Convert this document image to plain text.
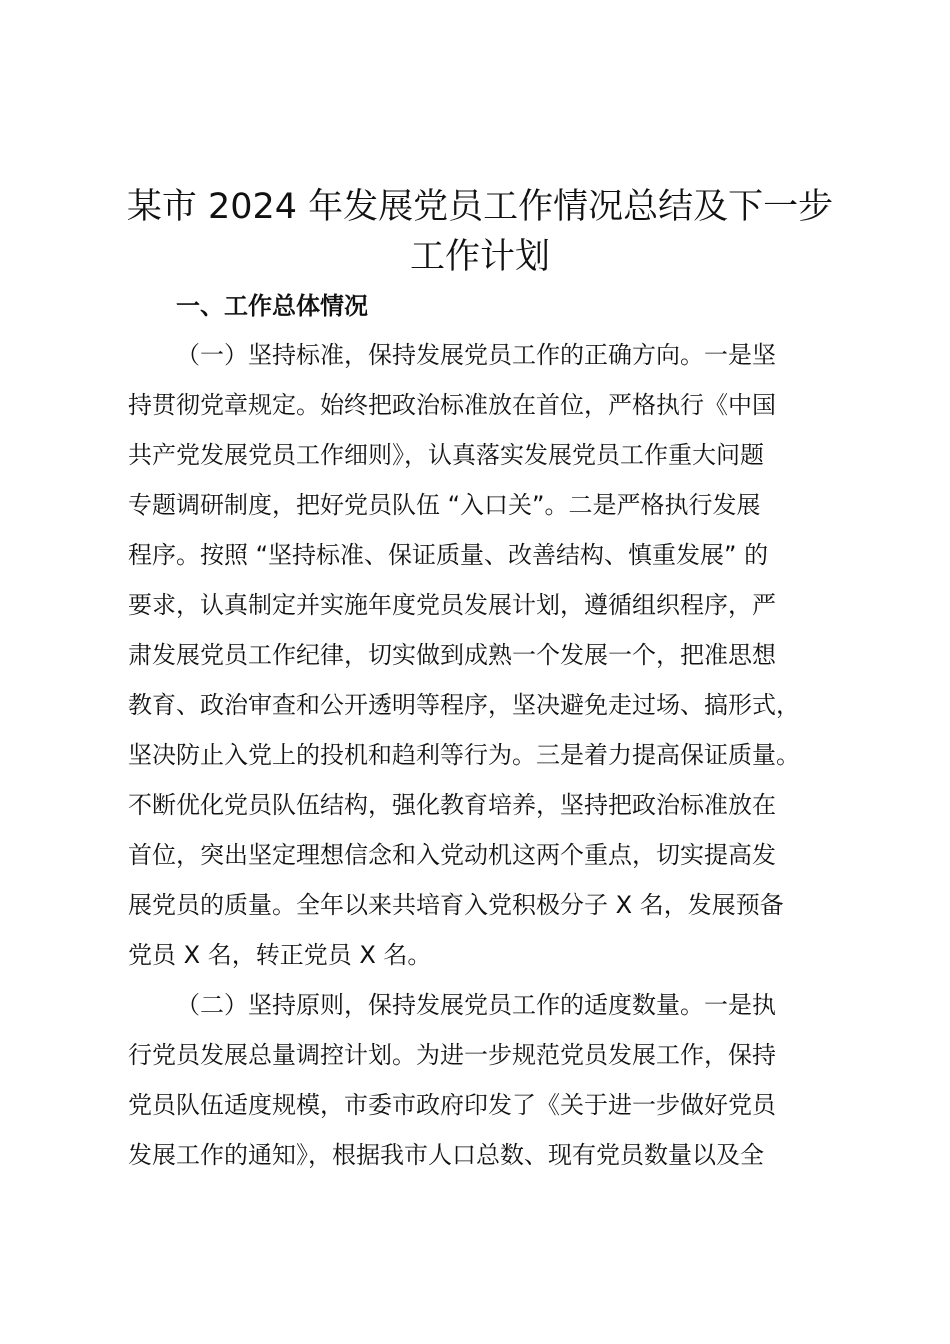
某市 2024 年发展党员工作情况总结及下一步
工作计划
一、工作总体情况

（一）坚持标准，保持发展党员工作的正确方向。一是坚
持贯彻党章规定。始终把政治标准放在首位，严格执行《中国
共产党发展党员工作细则》，认真落实发展党员工作重大问题
专题调研制度，把好党员队伍 “入口关”。二是严格执行发展
程序。按照 “坚持标准、保证质量、改善结构、慎重发展” 的
要求，认真制定并实施年度党员发展计划，遵循组织程序，严
肃发展党员工作纪律，切实做到成熟一个发展一个，把准思想
教育、政治审查和公开透明等程序，坚决避免走过场、搞形式，
坚决防止入党上的投机和趋利等行为。三是着力提高保证质量。
不断优化党员队伍结构，强化教育培养，坚持把政治标准放在
首位，突出坚定理想信念和入党动机这两个重点，切实提高发
展党员的质量。全年以来共培育入党积极分子 X 名，发展预备
党员 X 名，转正党员 X 名。

（二）坚持原则，保持发展党员工作的适度数量。一是执
行党员发展总量调控计划。为进一步规范党员发展工作，保持
党员队伍适度规模，市委市政府印发了《关于进一步做好党员
发展工作的通知》，根据我市人口总数、现有党员数量以及全
